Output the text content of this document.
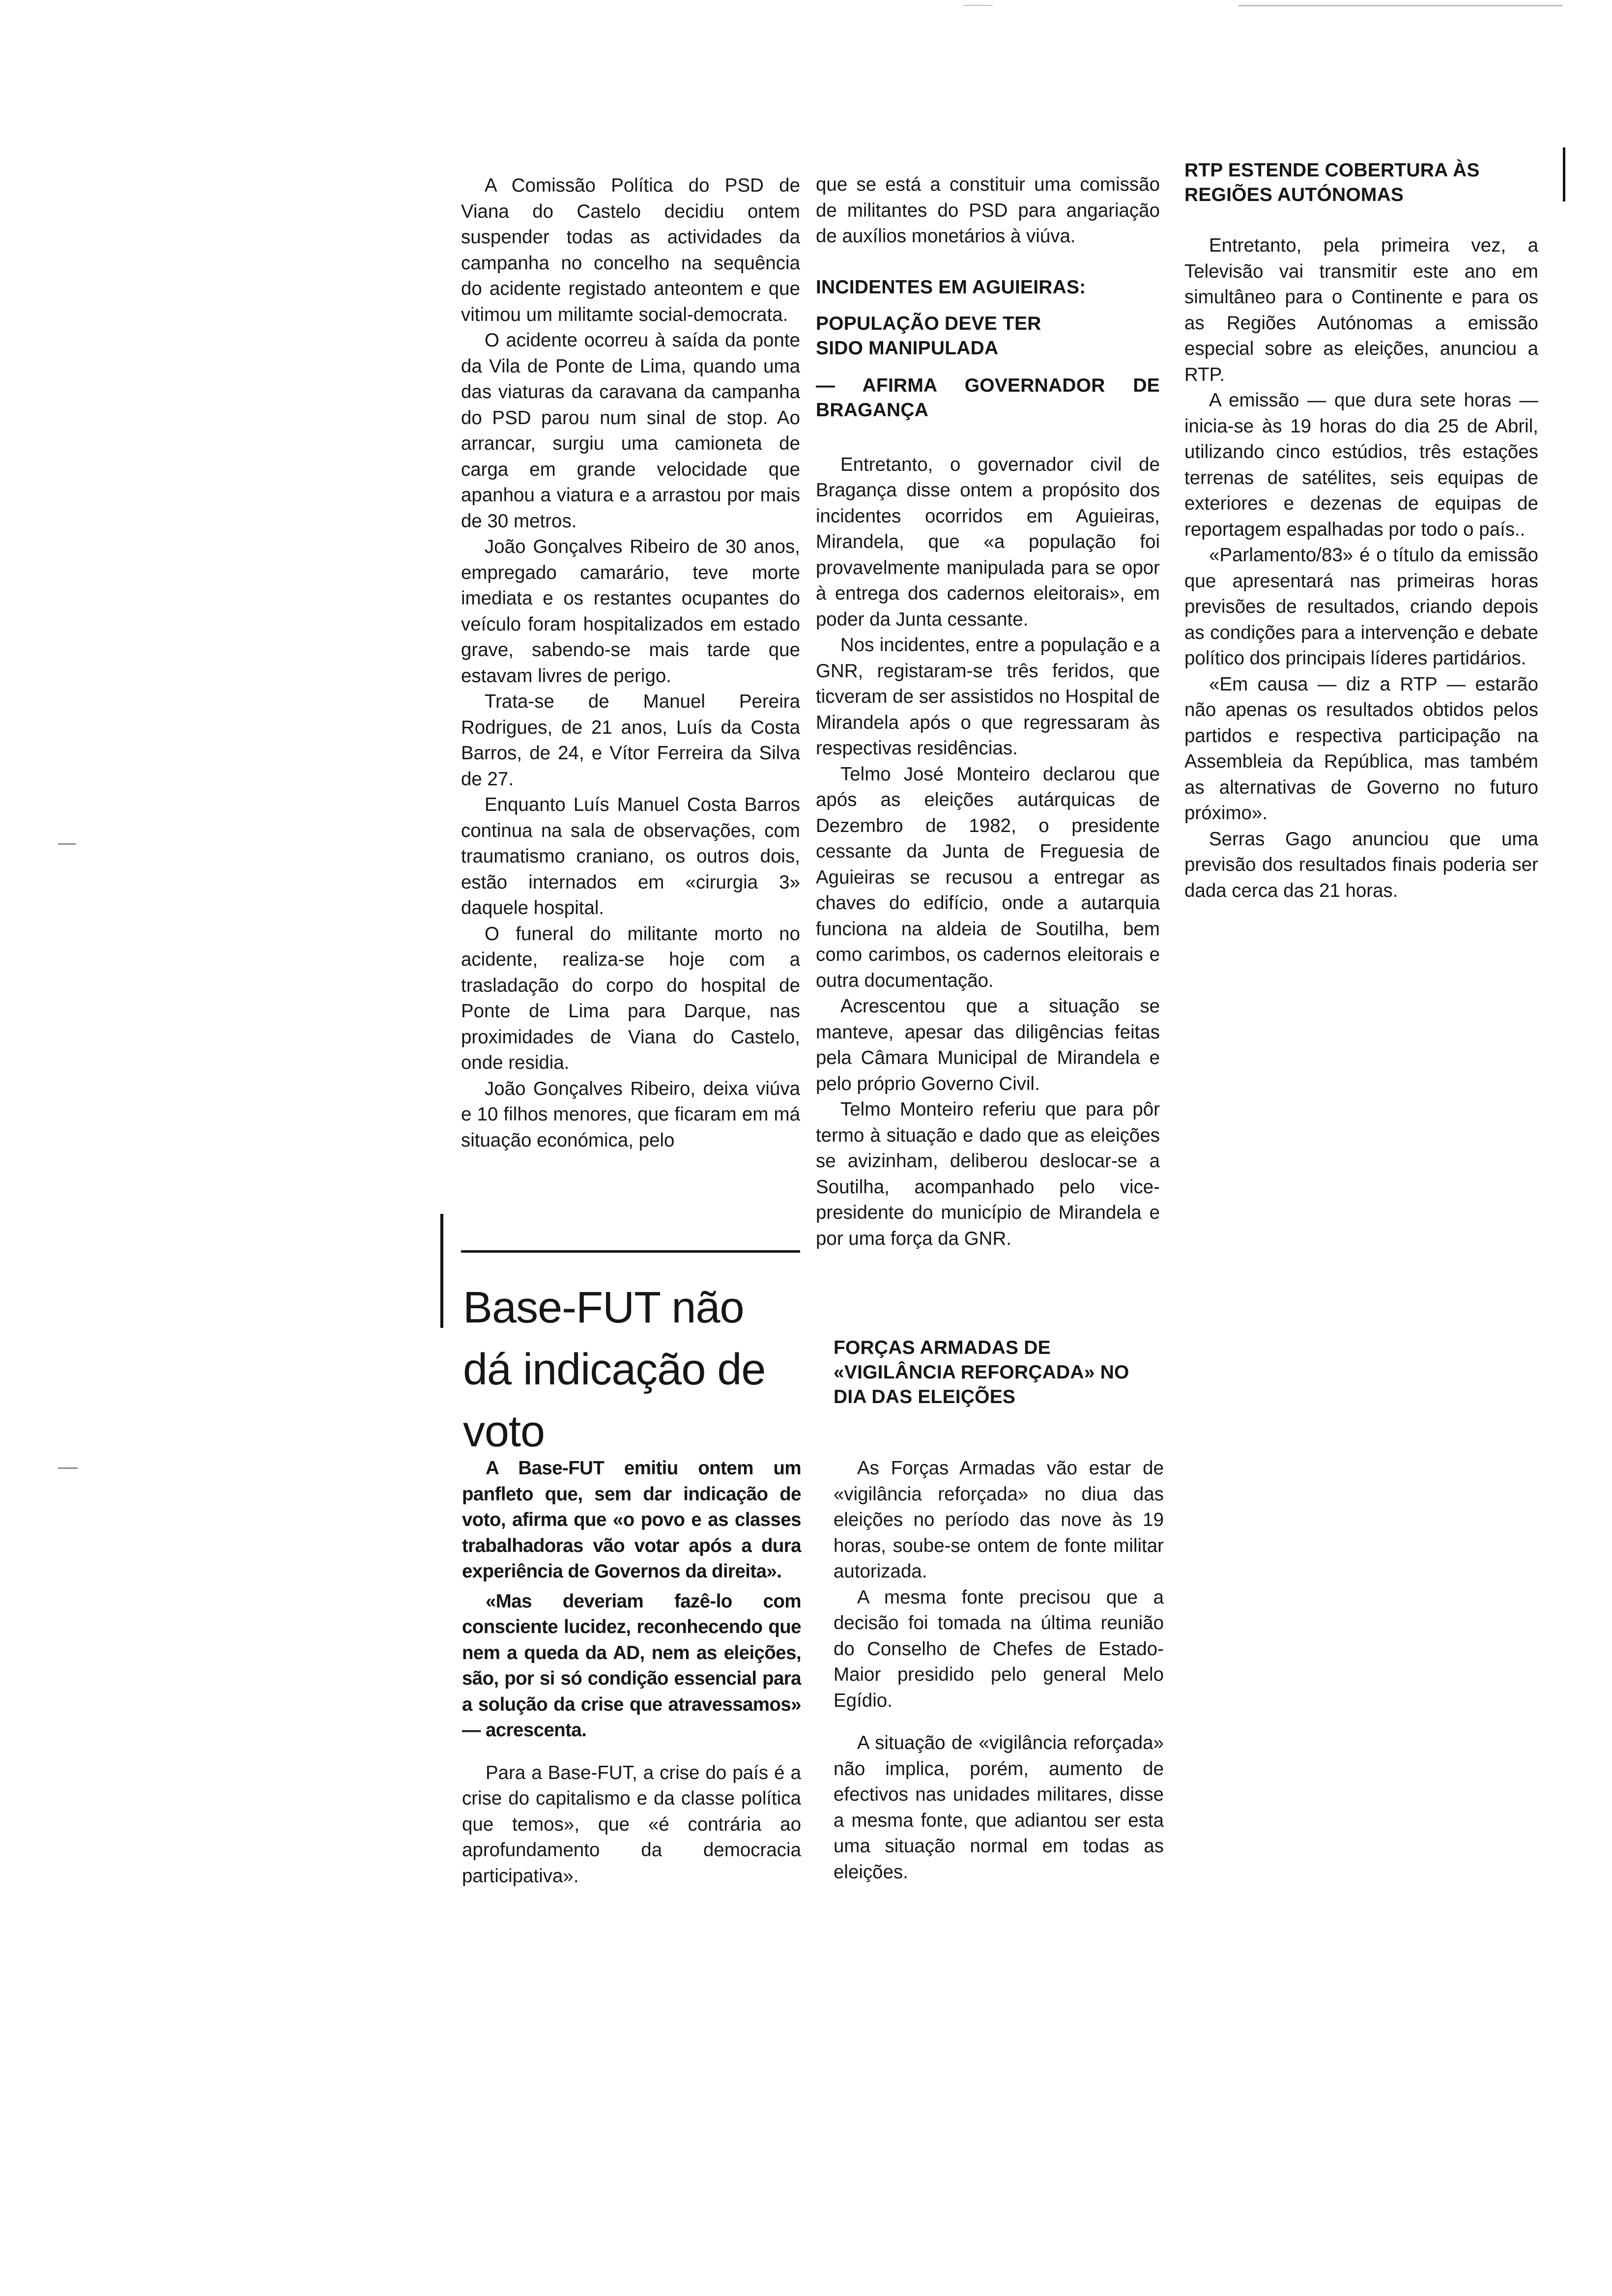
A Comissão Política do PSD de Viana do Castelo decidiu ontem suspender todas as actividades da campanha no concelho na sequência do acidente registado anteontem e que vitimou um militamte social-democrata.

O acidente ocorreu à saída da ponte da Vila de Ponte de Lima, quando uma das viaturas da caravana da campanha do PSD parou num sinal de stop. Ao arrancar, surgiu uma camioneta de carga em grande velocidade que apanhou a viatura e a arrastou por mais de 30 metros.

João Gonçalves Ribeiro de 30 anos, empregado camarário, teve morte imediata e os restantes ocupantes do veículo foram hospitalizados em estado grave, sabendo-se mais tarde que estavam livres de perigo.

Trata-se de Manuel Pereira Rodrigues, de 21 anos, Luís da Costa Barros, de 24, e Vítor Ferreira da Silva de 27.

Enquanto Luís Manuel Costa Barros continua na sala de observações, com traumatismo craniano, os outros dois, estão internados em «cirurgia 3» daquele hospital.

O funeral do militante morto no acidente, realiza-se hoje com a trasladação do corpo do hospital de Ponte de Lima para Darque, nas proximidades de Viana do Castelo, onde residia.

João Gonçalves Ribeiro, deixa viúva e 10 filhos menores, que ficaram em má situação económica, pelo

Base-FUT não dá indicação de voto

A Base-FUT emitiu ontem um panfleto que, sem dar indicação de voto, afirma que «o povo e as classes trabalhadoras vão votar após a dura experiência de Governos da direita».

«Mas deveriam fazê-lo com consciente lucidez, reconhecendo que nem a queda da AD, nem as eleições, são, por si só condição essencial para a solução da crise que atravessamos» — acrescenta.

Para a Base-FUT, a crise do país é a crise do capitalismo e da classe política que temos», que «é contrária ao aprofundamento da democracia participativa».

que se está a constituir uma comissão de militantes do PSD para angariação de auxílios monetários à viúva.

INCIDENTES EM AGUIEIRAS:

POPULAÇÃO DEVE TER SIDO MANIPULADA

— AFIRMA GOVERNADOR DE BRAGANÇA

Entretanto, o governador civil de Bragança disse ontem a propósito dos incidentes ocorridos em Aguieiras, Mirandela, que «a população foi provavelmente manipulada para se opor à entrega dos cadernos eleitorais», em poder da Junta cessante.

Nos incidentes, entre a população e a GNR, registaram-se três feridos, que ticveram de ser assistidos no Hospital de Mirandela após o que regressaram às respectivas residências.

Telmo José Monteiro declarou que após as eleições autárquicas de Dezembro de 1982, o presidente cessante da Junta de Freguesia de Aguieiras se recusou a entregar as chaves do edifício, onde a autarquia funciona na aldeia de Soutilha, bem como carimbos, os cadernos eleitorais e outra documentação.

Acrescentou que a situação se manteve, apesar das diligências feitas pela Câmara Municipal de Mirandela e pelo próprio Governo Civil.

Telmo Monteiro referiu que para pôr termo à situação e dado que as eleições se avizinham, deliberou deslocar-se a Soutilha, acompanhado pelo vice-presidente do município de Mirandela e por uma força da GNR.

FORÇAS ARMADAS DE «VIGILÂNCIA REFORÇADA» NO DIA DAS ELEIÇÕES

As Forças Armadas vão estar de «vigilância reforçada» no diua das eleições no período das nove às 19 horas, soube-se ontem de fonte militar autorizada.

A mesma fonte precisou que a decisão foi tomada na última reunião do Conselho de Chefes de Estado-Maior presidido pelo general Melo Egídio.

A situação de «vigilância reforçada» não implica, porém, aumento de efectivos nas unidades militares, disse a mesma fonte, que adiantou ser esta uma situação normal em todas as eleições.

RTP ESTENDE COBERTURA ÀS REGIÕES AUTÓNOMAS

Entretanto, pela primeira vez, a Televisão vai transmitir este ano em simultâneo para o Continente e para os as Regiões Autónomas a emissão especial sobre as eleições, anunciou a RTP.

A emissão — que dura sete horas — inicia-se às 19 horas do dia 25 de Abril, utilizando cinco estúdios, três estações terrenas de satélites, seis equipas de exteriores e dezenas de equipas de reportagem espalhadas por todo o país..

«Parlamento/83» é o título da emissão que apresentará nas primeiras horas previsões de resultados, criando depois as condições para a intervenção e debate político dos principais líderes partidários.

«Em causa — diz a RTP — estarão não apenas os resultados obtidos pelos partidos e respectiva participação na Assembleia da República, mas também as alternativas de Governo no futuro próximo».

Serras Gago anunciou que uma previsão dos resultados finais poderia ser dada cerca das 21 horas.
